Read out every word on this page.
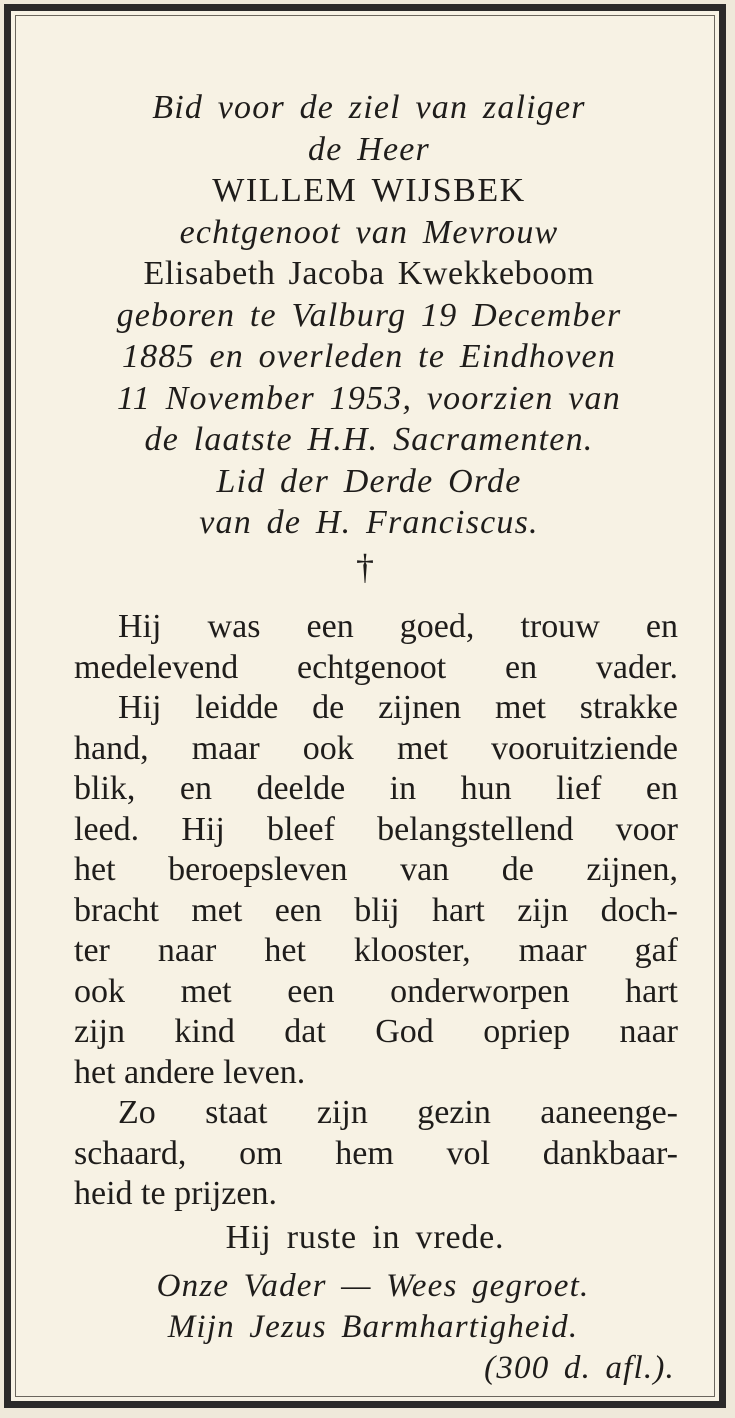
Bid voor de ziel van zaliger
de Heer
WILLEM WIJSBEK
echtgenoot van Mevrouw
Elisabeth Jacoba Kwekkeboom
geboren te Valburg 19 December
1885 en overleden te Eindhoven
11 November 1953, voorzien van
de laatste H.H. Sacramenten.
Lid der Derde Orde
van de H. Franciscus.
†
Hij was een goed, trouw en
medelevend echtgenoot en vader.
Hij leidde de zijnen met strakke
hand, maar ook met vooruitziende
blik, en deelde in hun lief en
leed. Hij bleef belangstellend voor
het beroepsleven van de zijnen,
bracht met een blij hart zijn doch-
ter naar het klooster, maar gaf
ook met een onderworpen hart
zijn kind dat God opriep naar
het andere leven.
Zo staat zijn gezin aaneenge-
schaard, om hem vol dankbaar-
heid te prijzen.
Hij ruste in vrede.
Onze Vader — Wees gegroet.
Mijn Jezus Barmhartigheid.
(300 d. afl.).
